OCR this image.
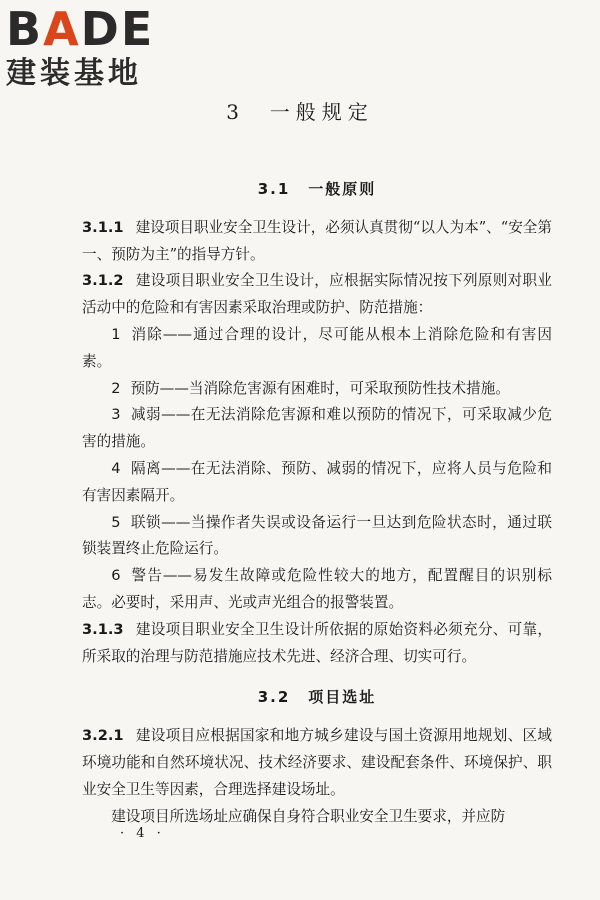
B A D E
建装基地
3 一般规定
3.1 一般原则

3.1.1 建设项目职业安全卫生设计，必须认真贯彻“以人为本”、“安全第一、预防为主”的指导方针。

3.1.2 建设项目职业安全卫生设计，应根据实际情况按下列原则对职业活动中的危险和有害因素采取治理或防护、防范措施：

1 消除——通过合理的设计，尽可能从根本上消除危险和有害因素。

2 预防——当消除危害源有困难时，可采取预防性技术措施。

3 减弱——在无法消除危害源和难以预防的情况下，可采取减少危害的措施。

4 隔离——在无法消除、预防、减弱的情况下，应将人员与危险和有害因素隔开。

5 联锁——当操作者失误或设备运行一旦达到危险状态时，通过联锁装置终止危险运行。

6 警告——易发生故障或危险性较大的地方，配置醒目的识别标志。必要时，采用声、光或声光组合的报警装置。

3.1.3 建设项目职业安全卫生设计所依据的原始资料必须充分、可靠，所采取的治理与防范措施应技术先进、经济合理、切实可行。

3.2 项目选址

3.2.1 建设项目应根据国家和地方城乡建设与国土资源用地规划、区域环境功能和自然环境状况、技术经济要求、建设配套条件、环境保护、职业安全卫生等因素，合理选择建设场址。

建设项目所选场址应确保自身符合职业安全卫生要求，并应防

· 4 ·
